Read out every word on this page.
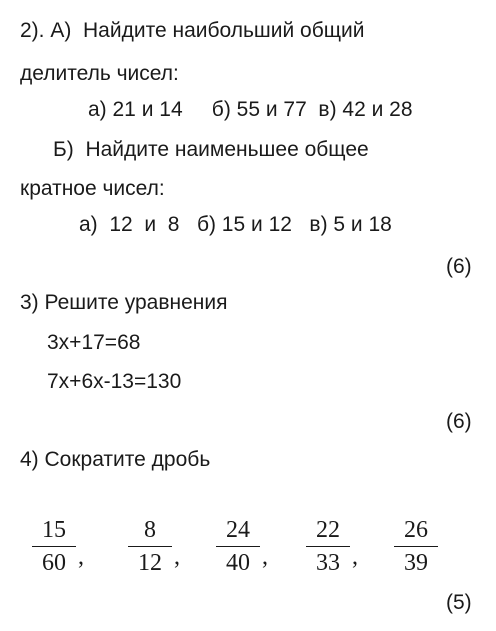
2). А)  Найдите наибольший общий
делитель чисел:
а) 21 и 14     б) 55 и 77  в) 42 и 28
Б)  Найдите наименьшее общее
кратное чисел:
а)  12  и  8   б) 15 и 12   в) 5 и 18
(6)
3) Решите уравнения
3х+17=68
7х+6х-13=130
(6)
4) Сократите дробь
15
60 ,
8
12 ,
24
40 ,
22
33 ,
26
39
(5)
